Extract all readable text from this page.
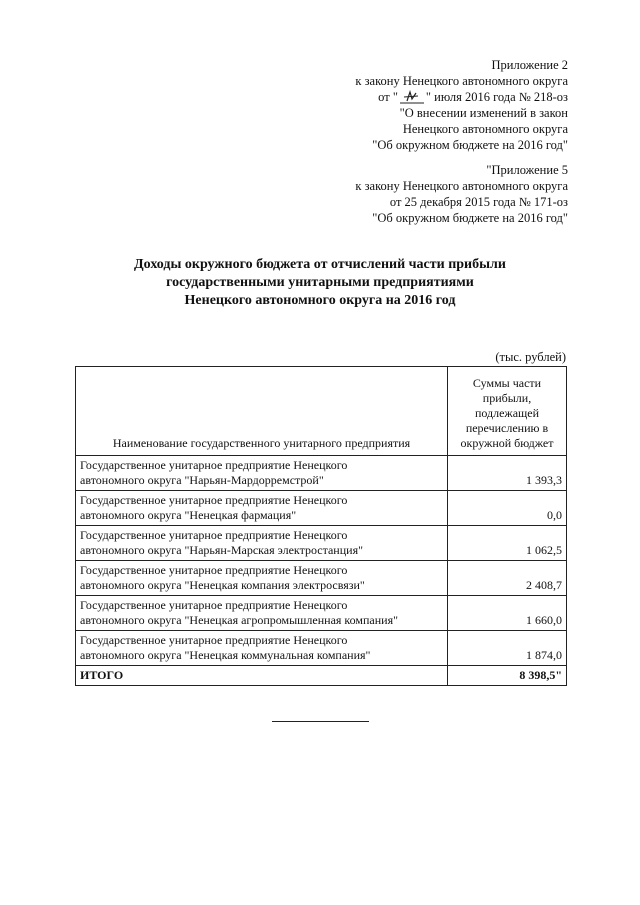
Приложение 2
к закону Ненецкого автономного округа
от " " июля 2016 года № 218-оз
"О внесении изменений в закон
Ненецкого автономного округа
"Об окружном бюджете на 2016 год"
"Приложение 5
к закону Ненецкого автономного округа
от 25 декабря 2015 года № 171-оз
"Об окружном бюджете на 2016 год"
Доходы окружного бюджета от отчислений части прибыли
государственными унитарными предприятиями
Ненецкого автономного округа на 2016 год
(тыс. рублей)
Наименование государственного унитарного предприятия	Суммы части
прибыли,
подлежащей
перечислению в
окружной бюджет

Государственное унитарное предприятие Ненецкого
автономного округа "Нарьян-Мардорремстрой"	1 393,3

Государственное унитарное предприятие Ненецкого
автономного округа "Ненецкая фармация"	0,0

Государственное унитарное предприятие Ненецкого
автономного округа "Нарьян-Марская электростанция"	1 062,5

Государственное унитарное предприятие Ненецкого
автономного округа "Ненецкая компания электросвязи"	2 408,7

Государственное унитарное предприятие Ненецкого
автономного округа "Ненецкая агропромышленная компания"	1 660,0

Государственное унитарное предприятие Ненецкого
автономного округа "Ненецкая коммунальная компания"	1 874,0
ИТОГО	8 398,5"
